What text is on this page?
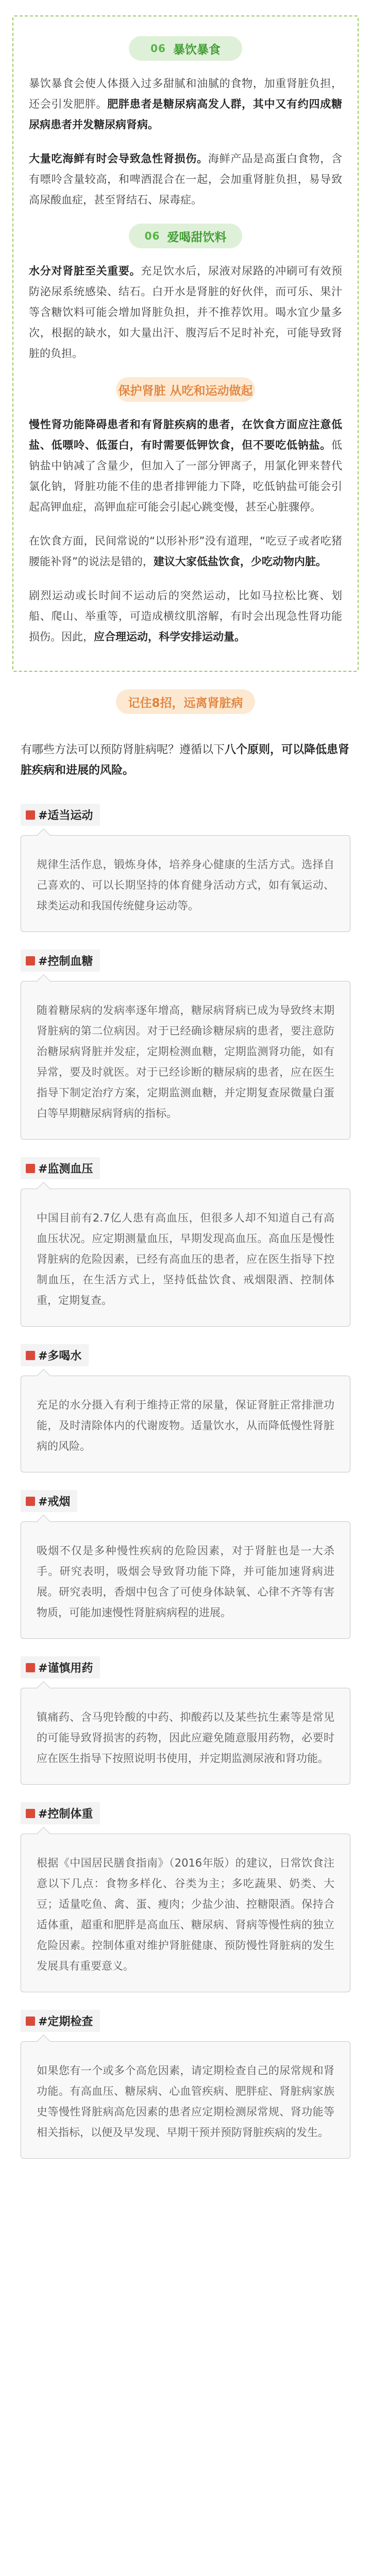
06 暴饮暴食

暴饮暴食会使人体摄入过多甜腻和油腻的食物，加重肾脏负担，还会引发肥胖。肥胖患者是糖尿病高发人群，其中又有约四成糖尿病患者并发糖尿病肾病。

大量吃海鲜有时会导致急性肾损伤。海鲜产品是高蛋白食物，含有嘌呤含量较高，和啤酒混合在一起，会加重肾脏负担，易导致高尿酸血症，甚至肾结石、尿毒症。

06 爱喝甜饮料

水分对肾脏至关重要。充足饮水后，尿液对尿路的冲刷可有效预防泌尿系统感染、结石。白开水是肾脏的好伙伴，而可乐、果汁等含糖饮料可能会增加肾脏负担，并不推荐饮用。喝水宜少量多次，根据的缺水，如大量出汗、腹泻后不足时补充，可能导致肾脏的负担。

保护肾脏 从吃和运动做起

慢性肾功能降碍患者和有肾脏疾病的患者，在饮食方面应注意低盐、低嘌呤、低蛋白，有时需要低钾饮食，但不要吃低钠盐。低钠盐中钠减了含量少，但加入了一部分钾离子，用氯化钾来替代氯化钠，肾脏功能不佳的患者排钾能力下降，吃低钠盐可能会引起高钾血症，高钾血症可能会引起心跳变慢，甚至心脏骤停。

在饮食方面，民间常说的“以形补形”没有道理，“吃豆子或者吃猪腰能补肾”的说法是错的，建议大家低盐饮食，少吃动物内脏。

剧烈运动或长时间不运动后的突然运动，比如马拉松比赛、划船、爬山、举重等，可造成横纹肌溶解，有时会出现急性肾功能损伤。因此，应合理运动，科学安排运动量。

记住8招，远离肾脏病
有哪些方法可以预防肾脏病呢？遵循以下八个原则，可以降低患肾脏疾病和进展的风险。
#适当运动

规律生活作息，锻炼身体，培养身心健康的生活方式。选择自己喜欢的、可以长期坚持的体育健身活动方式，如有氧运动、球类运动和我国传统健身运动等。

#控制血糖

随着糖尿病的发病率逐年增高，糖尿病肾病已成为导致终末期肾脏病的第二位病因。对于已经确诊糖尿病的患者，要注意防治糖尿病肾脏并发症，定期检测血糖，定期监测肾功能，如有异常，要及时就医。对于已经诊断的糖尿病的患者，应在医生指导下制定治疗方案，定期监测血糖，并定期复查尿微量白蛋白等早期糖尿病肾病的指标。

#监测血压

中国目前有2.7亿人患有高血压，但很多人却不知道自己有高血压状况。应定期测量血压，早期发现高血压。高血压是慢性肾脏病的危险因素，已经有高血压的患者，应在医生指导下控制血压，在生活方式上，坚持低盐饮食、戒烟限酒、控制体重，定期复查。

#多喝水

充足的水分摄入有利于维持正常的尿量，保证肾脏正常排泄功能，及时清除体内的代谢废物。适量饮水，从而降低慢性肾脏病的风险。

#戒烟

吸烟不仅是多种慢性疾病的危险因素，对于肾脏也是一大杀手。研究表明，吸烟会导致肾功能下降，并可能加速肾病进展。研究表明，香烟中包含了可使身体缺氧、心律不齐等有害物质，可能加速慢性肾脏病病程的进展。

#谨慎用药

镇痛药、含马兜铃酸的中药、抑酸药以及某些抗生素等是常见的可能导致肾损害的药物，因此应避免随意服用药物，必要时应在医生指导下按照说明书使用，并定期监测尿液和肾功能。

#控制体重

根据《中国居民膳食指南》（2016年版）的建议，日常饮食注意以下几点：食物多样化、谷类为主；多吃蔬果、奶类、大豆；适量吃鱼、禽、蛋、瘦肉；少盐少油、控糖限酒。保持合适体重，超重和肥胖是高血压、糖尿病、肾病等慢性病的独立危险因素。控制体重对维护肾脏健康、预防慢性肾脏病的发生发展具有重要意义。

#定期检查

如果您有一个或多个高危因素，请定期检查自己的尿常规和肾功能。有高血压、糖尿病、心血管疾病、肥胖症、肾脏病家族史等慢性肾脏病高危因素的患者应定期检测尿常规、肾功能等相关指标，以便及早发现、早期干预并预防肾脏疾病的发生。
